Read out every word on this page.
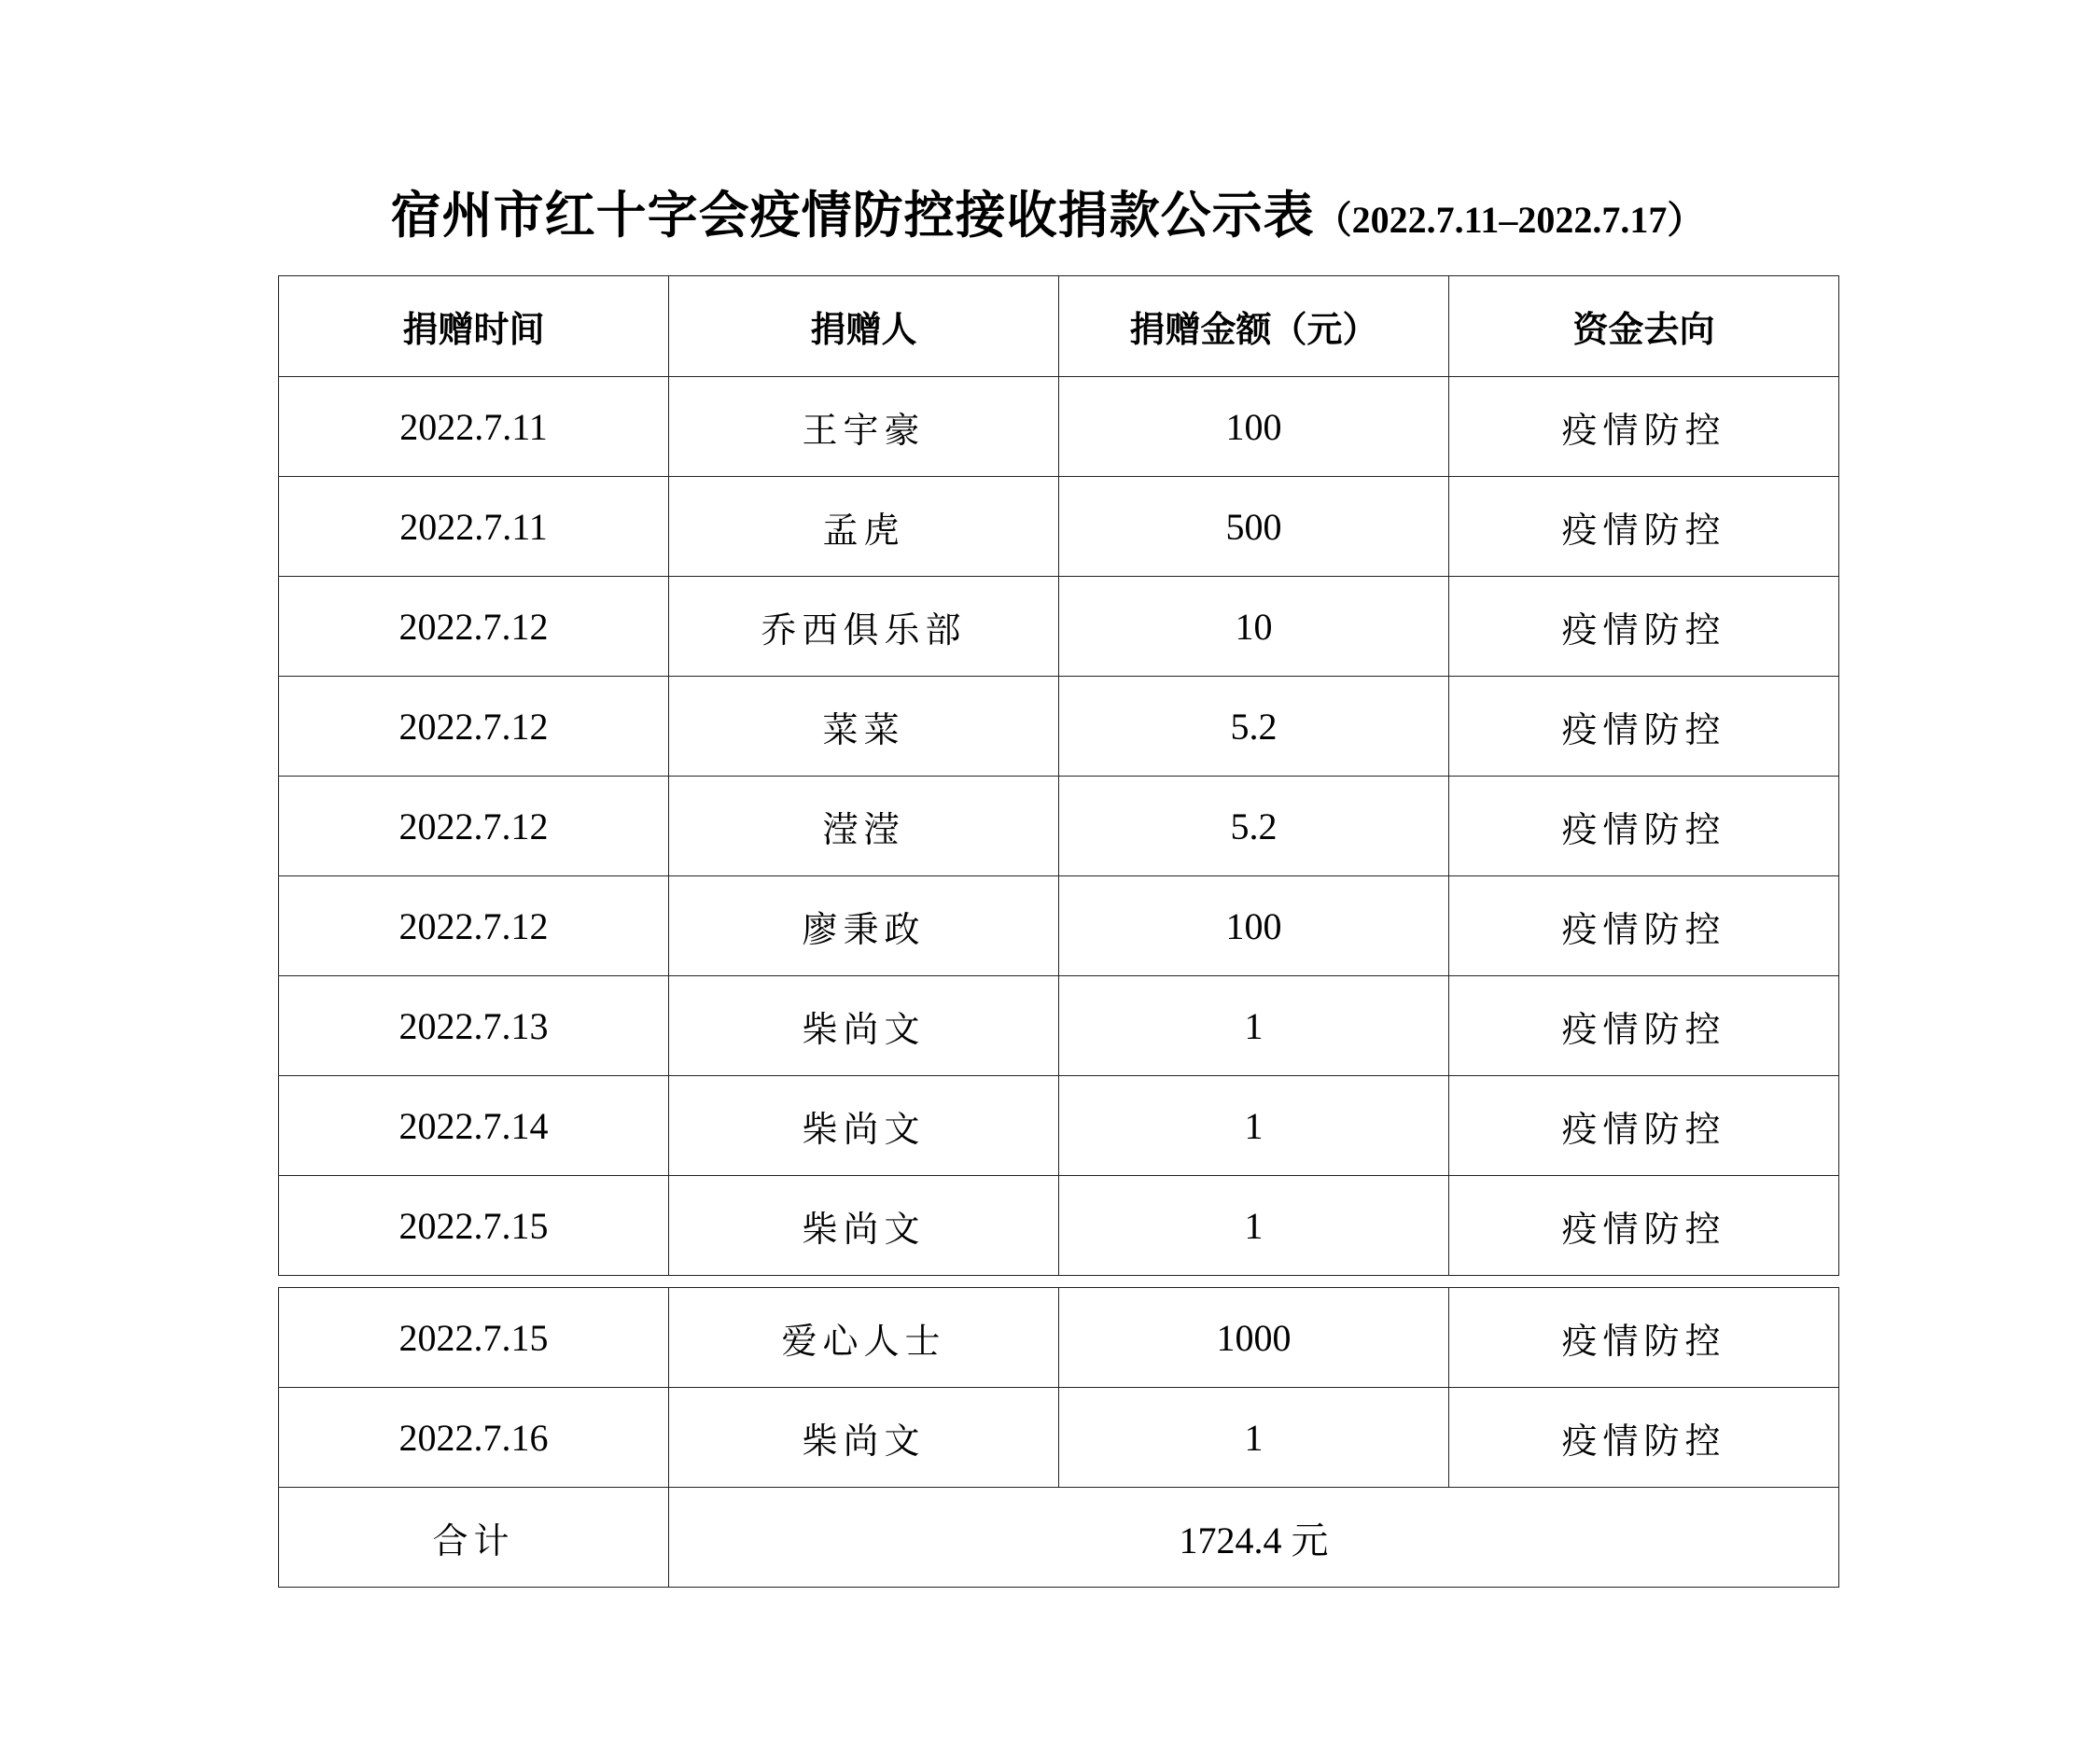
宿州市红十字会疫情防控接收捐款公示表（2022.7.11–2022.7.17）
捐赠时间	捐赠人	捐赠金额（元）	资金去向
2022.7.11	王宇豪	100	疫情防控
2022.7.11	孟虎	500	疫情防控
2022.7.12	乔西俱乐部	10	疫情防控
2022.7.12	菜菜	5.2	疫情防控
2022.7.12	滢滢	5.2	疫情防控
2022.7.12	廖秉政	100	疫情防控
2022.7.13	柴尚文	1	疫情防控
2022.7.14	柴尚文	1	疫情防控
2022.7.15	柴尚文	1	疫情防控
2022.7.15	爱心人士	1000	疫情防控
2022.7.16	柴尚文	1	疫情防控
合计	1724.4 元		
